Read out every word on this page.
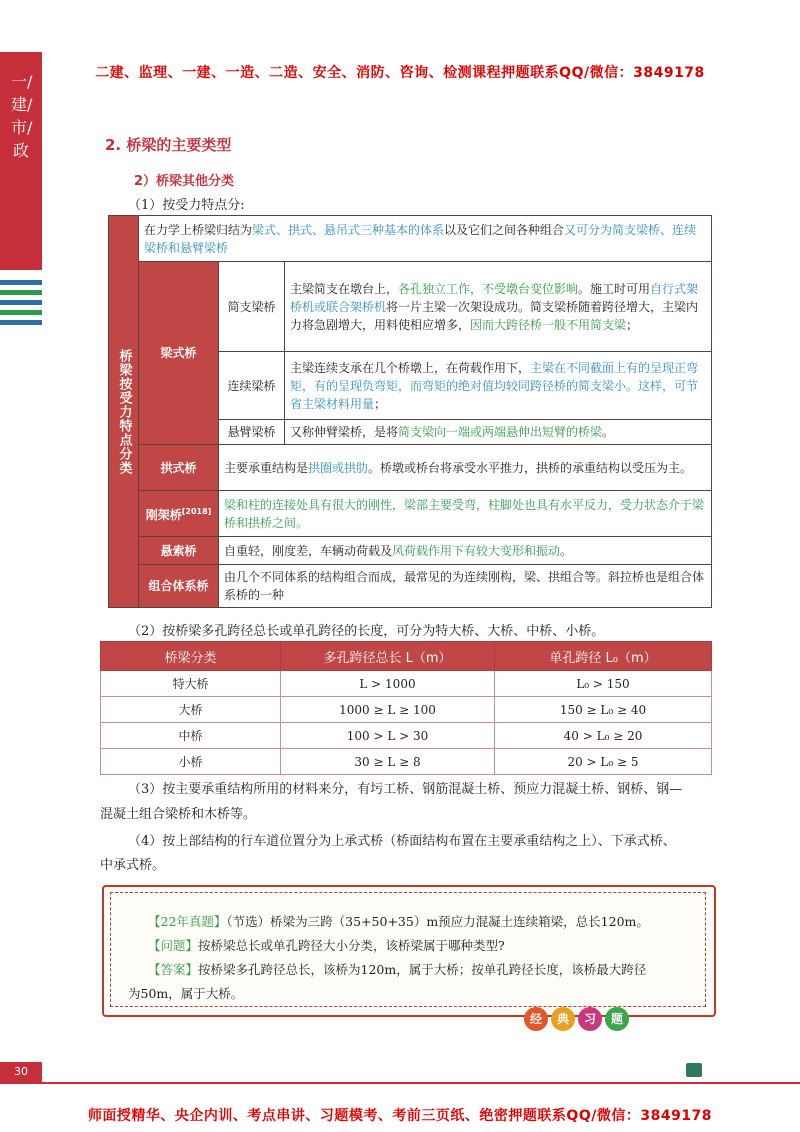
二建、监理、一建、一造、二造、安全、消防、咨询、检测课程押题联系QQ/微信：3849178
师面授精华、央企内训、考点串讲、习题模考、考前三页纸、绝密押题联系QQ/微信：3849178
一/建/市/政	2. 桥梁的主要类型
2）桥梁其他分类
（1）按受力特点分:
桥梁按受力特点分类	在力学上桥梁归结为梁式、拱式、悬吊式三种基本的体系以及它们之间各种组合又可分为简支梁桥、连续梁桥和悬臂梁桥		
	梁式桥	简支梁桥	主梁简支在墩台上，各孔独立工作，不受墩台变位影响。施工时可用自行式架桥机或联合架桥机将一片主梁一次架设成功。简支梁桥随着跨径增大，主梁内力将急剧增大，用料使相应增多，因而大跨径桥一般不用简支梁；
		连续梁桥	主梁连续支承在几个桥墩上，在荷载作用下，主梁在不同截面上有的呈现正弯矩，有的呈现负弯矩，而弯矩的绝对值均较同跨径桥的简支梁小。这样，可节省主梁材料用量；
		悬臂梁桥	又称伸臂梁桥，是将简支梁向一端或两端悬伸出短臂的桥梁。
	拱式桥	主要承重结构是拱圈或拱肋。桥墩或桥台将承受水平推力，拱桥的承重结构以受压为主。	
	刚架桥[2018]	梁和柱的连接处具有很大的刚性，梁部主要受弯，柱脚处也具有水平反力，受力状态介于梁桥和拱桥之间。	
	悬索桥	自重轻，刚度差，车辆动荷载及风荷载作用下有较大变形和振动。	
	组合体系桥	由几个不同体系的结构组合而成，最常见的为连续刚构，梁、拱组合等。斜拉桥也是组合体系桥的一种	
（2）按桥梁多孔跨径总长或单孔跨径的长度，可分为特大桥、大桥、中桥、小桥。
桥梁分类	多孔跨径总长 L（m）	单孔跨径 L₀（m）
特大桥	L > 1000	L₀ > 150
大桥	1000 ≥ L ≥ 100	150 ≥ L₀ ≥ 40
中桥	100 > L > 30	40 > L₀ ≥ 20
小桥	30 ≥ L ≥ 8	20 > L₀ ≥ 5
（3）按主要承重结构所用的材料来分，有圬工桥、钢筋混凝土桥、预应力混凝土桥、钢桥、钢—
混凝土组合梁桥和木桥等。
（4）按上部结构的行车道位置分为上承式桥（桥面结构布置在主要承重结构之上）、下承式桥、
中承式桥。
【22年真题】（节选）桥梁为三跨（35+50+35）m预应力混凝土连续箱梁，总长120m。
【问题】按桥梁总长或单孔跨径大小分类，该桥梁属于哪种类型?
【答案】按桥梁多孔跨径总长，该桥为120m，属于大桥；按单孔跨径长度，该桥最大跨径
为50m，属于大桥。
经	典	习	题
30
